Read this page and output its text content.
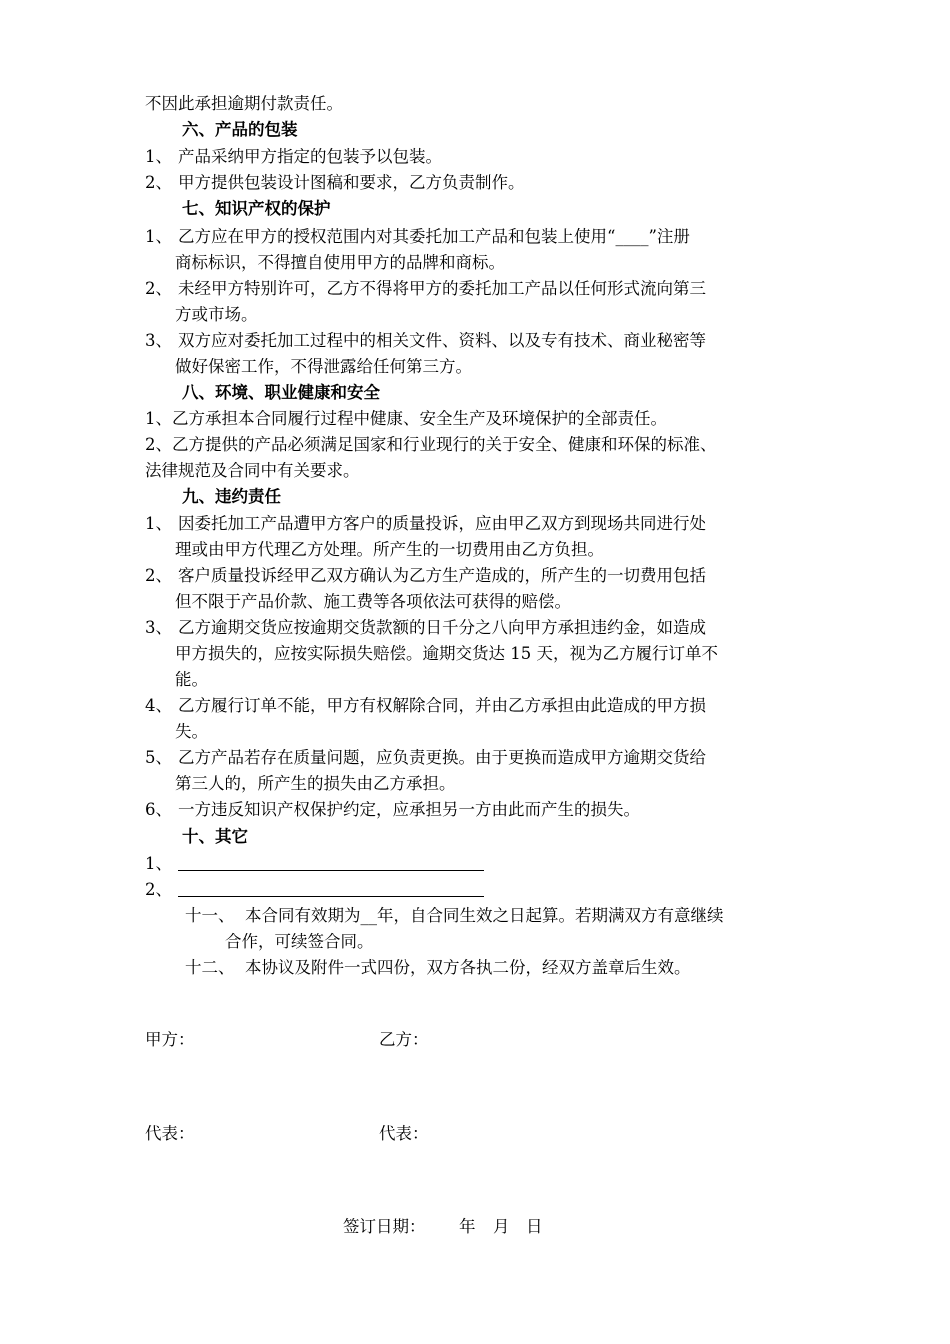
不因此承担逾期付款责任。
六、产品的包装
1、 产品采纳甲方指定的包装予以包装。
2、 甲方提供包装设计图稿和要求，乙方负责制作。
七、知识产权的保护
1、 乙方应在甲方的授权范围内对其委托加工产品和包装上使用“____”注册
商标标识，不得擅自使用甲方的品牌和商标。
2、 未经甲方特别许可，乙方不得将甲方的委托加工产品以任何形式流向第三
方或市场。
3、 双方应对委托加工过程中的相关文件、资料、以及专有技术、商业秘密等
做好保密工作，不得泄露给任何第三方。
八、环境、职业健康和安全
1、乙方承担本合同履行过程中健康、安全生产及环境保护的全部责任。
2、乙方提供的产品必须满足国家和行业现行的关于安全、健康和环保的标准、
法律规范及合同中有关要求。
九、违约责任
1、 因委托加工产品遭甲方客户的质量投诉，应由甲乙双方到现场共同进行处
理或由甲方代理乙方处理。所产生的一切费用由乙方负担。
2、 客户质量投诉经甲乙双方确认为乙方生产造成的，所产生的一切费用包括
但不限于产品价款、施工费等各项依法可获得的赔偿。
3、 乙方逾期交货应按逾期交货款额的日千分之八向甲方承担违约金，如造成
甲方损失的，应按实际损失赔偿。逾期交货达 15 天，视为乙方履行订单不
能。
4、 乙方履行订单不能，甲方有权解除合同，并由乙方承担由此造成的甲方损
失。
5、 乙方产品若存在质量问题，应负责更换。由于更换而造成甲方逾期交货给
第三人的，所产生的损失由乙方承担。
6、 一方违反知识产权保护约定，应承担另一方由此而产生的损失。
十、其它
1、
2、
十一、 本合同有效期为__年，自合同生效之日起算。若期满双方有意继续
合作，可续签合同。
十二、 本协议及附件一式四份，双方各执二份，经双方盖章后生效。
甲方：	乙方：
代表：	代表：
签订日期： 年 月 日
